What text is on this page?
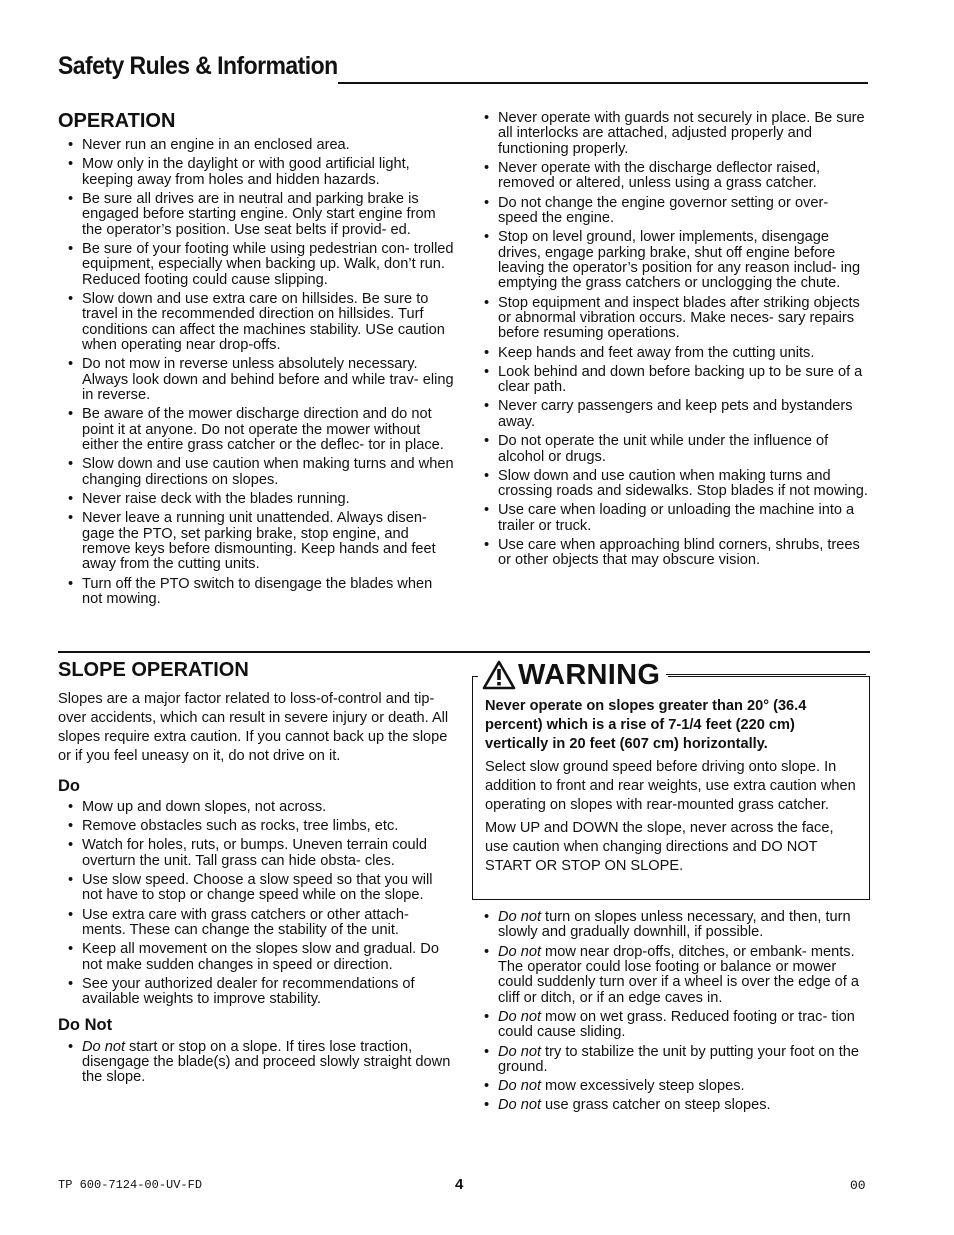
Safety Rules & Information
OPERATION
• Never run an engine in an enclosed area.
• Mow only in the daylight or with good artificial light, keeping away from holes and hidden hazards.
• Be sure all drives are in neutral and parking brake is engaged before starting engine. Only start engine from the operator’s position. Use seat belts if provid- ed.
• Be sure of your footing while using pedestrian con- trolled equipment, especially when backing up. Walk, don’t run. Reduced footing could cause slipping.
• Slow down and use extra care on hillsides. Be sure to travel in the recommended direction on hillsides. Turf conditions can affect the machines stability. USe caution when operating near drop-offs.
• Do not mow in reverse unless absolutely necessary. Always look down and behind before and while trav- eling in reverse.
• Be aware of the mower discharge direction and do not point it at anyone. Do not operate the mower without either the entire grass catcher or the deflec- tor in place.
• Slow down and use caution when making turns and when changing directions on slopes.
• Never raise deck with the blades running.
• Never leave a running unit unattended. Always disen- gage the PTO, set parking brake, stop engine, and remove keys before dismounting. Keep hands and feet away from the cutting units.
• Turn off the PTO switch to disengage the blades when not mowing.
• Never operate with guards not securely in place. Be sure all interlocks are attached, adjusted properly and functioning properly.
• Never operate with the discharge deflector raised, removed or altered, unless using a grass catcher.
• Do not change the engine governor setting or over- speed the engine.
• Stop on level ground, lower implements, disengage drives, engage parking brake, shut off engine before leaving the operator’s position for any reason includ- ing emptying the grass catchers or unclogging the chute.
• Stop equipment and inspect blades after striking objects or abnormal vibration occurs. Make neces- sary repairs before resuming operations.
• Keep hands and feet away from the cutting units.
• Look behind and down before backing up to be sure of a clear path.
• Never carry passengers and keep pets and bystanders away.
• Do not operate the unit while under the influence of alcohol or drugs.
• Slow down and use caution when making turns and crossing roads and sidewalks. Stop blades if not mowing.
• Use care when loading or unloading the machine into a trailer or truck.
• Use care when approaching blind corners, shrubs, trees or other objects that may obscure vision.
SLOPE OPERATION

Slopes are a major factor related to loss-of-control and tip-over accidents, which can result in severe injury or death. All slopes require extra caution. If you cannot back up the slope or if you feel uneasy on it, do not drive on it.

Do
• Mow up and down slopes, not across.
• Remove obstacles such as rocks, tree limbs, etc.
• Watch for holes, ruts, or bumps. Uneven terrain could overturn the unit. Tall grass can hide obsta- cles.
• Use slow speed. Choose a slow speed so that you will not have to stop or change speed while on the slope.
• Use extra care with grass catchers or other attach- ments. These can change the stability of the unit.
• Keep all movement on the slopes slow and gradual. Do not make sudden changes in speed or direction.
• See your authorized dealer for recommendations of available weights to improve stability.
Do Not
• Do not start or stop on a slope. If tires lose traction, disengage the blade(s) and proceed slowly straight down the slope.
WARNING

Never operate on slopes greater than 20° (36.4 percent) which is a rise of 7-1/4 feet (220 cm) vertically in 20 feet (607 cm) horizontally.

Select slow ground speed before driving onto slope. In addition to front and rear weights, use extra caution when operating on slopes with rear-mounted grass catcher.

Mow UP and DOWN the slope, never across the face, use caution when changing directions and DO NOT START OR STOP ON SLOPE.

• Do not turn on slopes unless necessary, and then, turn slowly and gradually downhill, if possible.
• Do not mow near drop-offs, ditches, or embank- ments. The operator could lose footing or balance or mower could suddenly turn over if a wheel is over the edge of a cliff or ditch, or if an edge caves in.
• Do not mow on wet grass. Reduced footing or trac- tion could cause sliding.
• Do not try to stabilize the unit by putting your foot on the ground.
• Do not mow excessively steep slopes.
• Do not use grass catcher on steep slopes.
TP 600-7124-00-UV-FD	4	00
